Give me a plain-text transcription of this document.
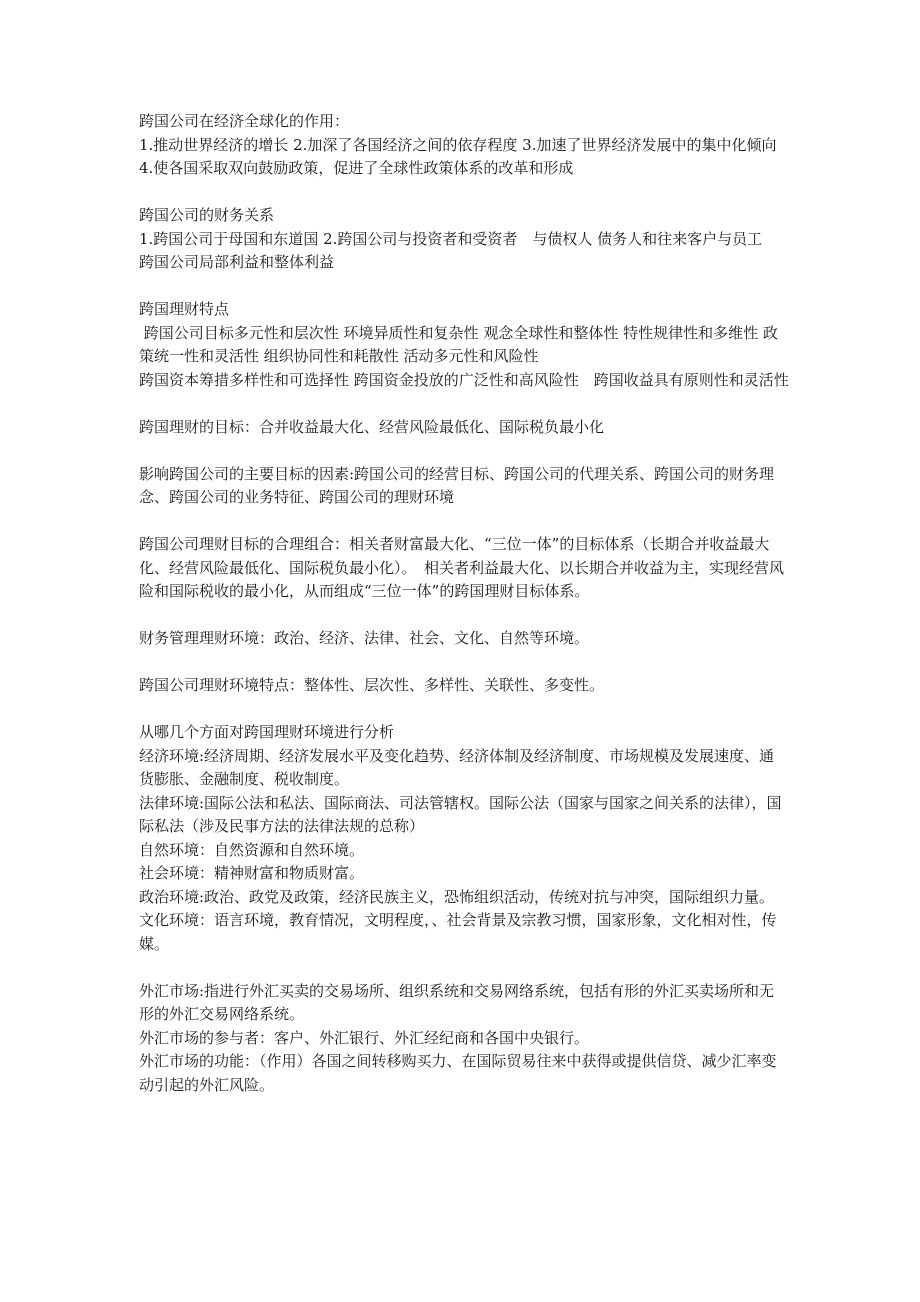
跨国公司在经济全球化的作用：

1.推动世界经济的增长 2.加深了各国经济之间的依存程度 3.加速了世界经济发展中的集中化倾向　4.使各国采取双向鼓励政策，促进了全球性政策体系的改革和形成

跨国公司的财务关系

1.跨国公司于母国和东道国 2.跨国公司与投资者和受资者　与债权人 债务人和往来客户与员工　跨国公司局部利益和整体利益

跨国理财特点

跨国公司目标多元性和层次性 环境异质性和复杂性 观念全球性和整体性 特性规律性和多维性 政策统一性和灵活性 组织协同性和耗散性 活动多元性和风险性

跨国资本筹措多样性和可选择性 跨国资金投放的广泛性和高风险性　跨国收益具有原则性和灵活性

跨国理财的目标：合并收益最大化、经营风险最低化、国际税负最小化

影响跨国公司的主要目标的因素:跨国公司的经营目标、跨国公司的代理关系、跨国公司的财务理念、跨国公司的业务特征、跨国公司的理财环境

跨国公司理财目标的合理组合：相关者财富最大化、“三位一体”的目标体系（长期合并收益最大化、经营风险最低化、国际税负最小化）。　相关者利益最大化、以长期合并收益为主，实现经营风险和国际税收的最小化，从而组成“三位一体”的跨国理财目标体系。

财务管理理财环境：政治、经济、法律、社会、文化、自然等环境。

跨国公司理财环境特点：整体性、层次性、多样性、关联性、多变性。

从哪几个方面对跨国理财环境进行分析

经济环境:经济周期、经济发展水平及变化趋势、经济体制及经济制度、市场规模及发展速度、通货膨胀、金融制度、税收制度。

法律环境:国际公法和私法、国际商法、司法管辖权。国际公法（国家与国家之间关系的法律），国际私法（涉及民事方法的法律法规的总称）

自然环境：自然资源和自然环境。

社会环境：精神财富和物质财富。

政治环境:政治、政党及政策，经济民族主义，恐怖组织活动，传统对抗与冲突，国际组织力量。

文化环境：语言环境，教育情况，文明程度，、社会背景及宗教习惯，国家形象，文化相对性，传媒。

外汇市场:指进行外汇买卖的交易场所、组织系统和交易网络系统，包括有形的外汇买卖场所和无形的外汇交易网络系统。

外汇市场的参与者：客户、外汇银行、外汇经纪商和各国中央银行。

外汇市场的功能：（作用）各国之间转移购买力、在国际贸易往来中获得或提供信贷、减少汇率变动引起的外汇风险。
